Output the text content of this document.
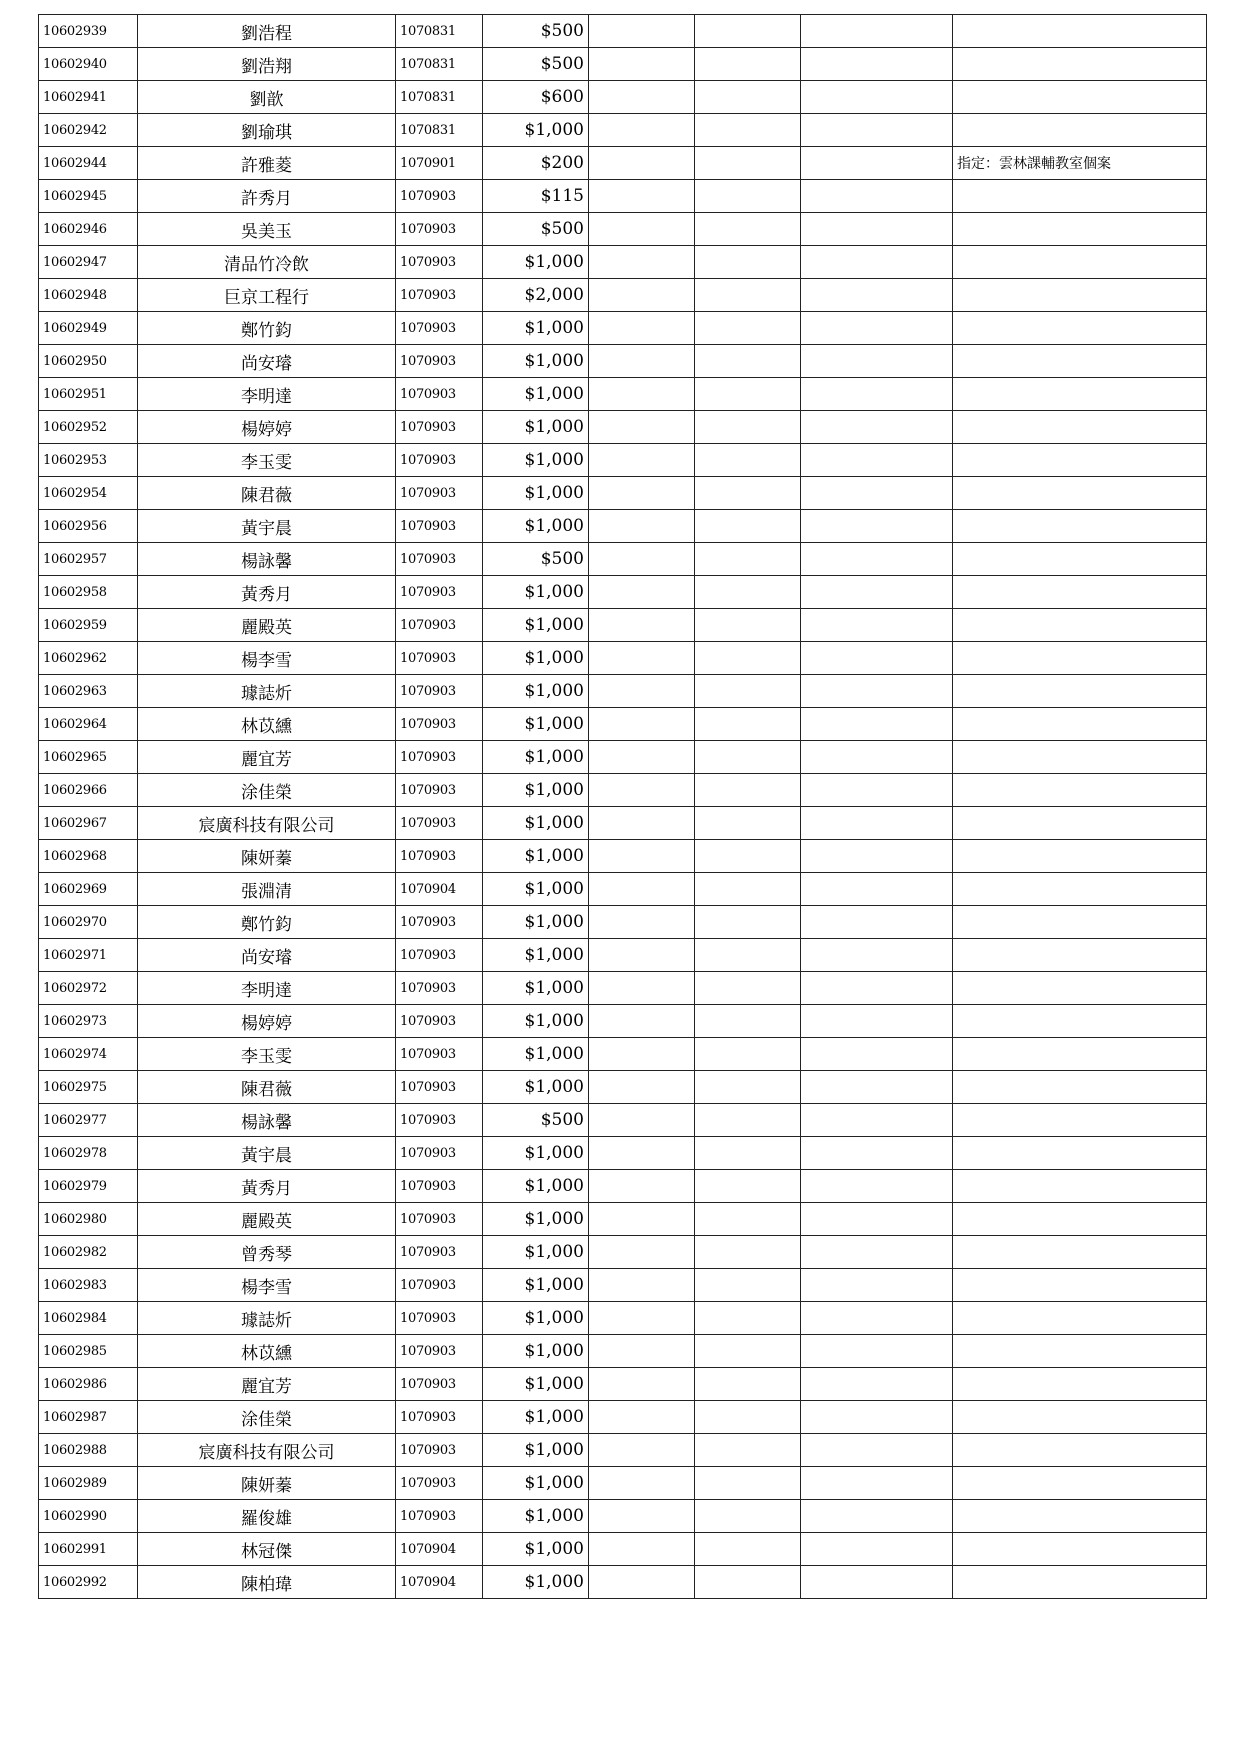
10602939	劉浩程	1070831	$500				
10602940	劉浩翔	1070831	$500				
10602941	劉歆	1070831	$600				
10602942	劉瑜琪	1070831	$1,000				
10602944	許雅菱	1070901	$200				指定：雲林課輔教室個案
10602945	許秀月	1070903	$115				
10602946	吳美玉	1070903	$500				
10602947	清品竹冷飲	1070903	$1,000				
10602948	巨京工程行	1070903	$2,000				
10602949	鄭竹鈞	1070903	$1,000				
10602950	尚安璿	1070903	$1,000				
10602951	李明達	1070903	$1,000				
10602952	楊婷婷	1070903	$1,000				
10602953	李玉雯	1070903	$1,000				
10602954	陳君薇	1070903	$1,000				
10602956	黃宇晨	1070903	$1,000				
10602957	楊詠馨	1070903	$500				
10602958	黃秀月	1070903	$1,000				
10602959	麗殿英	1070903	$1,000				
10602962	楊李雪	1070903	$1,000				
10602963	璩誌炘	1070903	$1,000				
10602964	林苡纁	1070903	$1,000				
10602965	麗宜芳	1070903	$1,000				
10602966	涂佳榮	1070903	$1,000				
10602967	宸廣科技有限公司	1070903	$1,000				
10602968	陳妍蓁	1070903	$1,000				
10602969	張淵清	1070904	$1,000				
10602970	鄭竹鈞	1070903	$1,000				
10602971	尚安璿	1070903	$1,000				
10602972	李明達	1070903	$1,000				
10602973	楊婷婷	1070903	$1,000				
10602974	李玉雯	1070903	$1,000				
10602975	陳君薇	1070903	$1,000				
10602977	楊詠馨	1070903	$500				
10602978	黃宇晨	1070903	$1,000				
10602979	黃秀月	1070903	$1,000				
10602980	麗殿英	1070903	$1,000				
10602982	曾秀琴	1070903	$1,000				
10602983	楊李雪	1070903	$1,000				
10602984	璩誌炘	1070903	$1,000				
10602985	林苡纁	1070903	$1,000				
10602986	麗宜芳	1070903	$1,000				
10602987	涂佳榮	1070903	$1,000				
10602988	宸廣科技有限公司	1070903	$1,000				
10602989	陳妍蓁	1070903	$1,000				
10602990	羅俊雄	1070903	$1,000				
10602991	林冠傑	1070904	$1,000				
10602992	陳柏瑋	1070904	$1,000				
